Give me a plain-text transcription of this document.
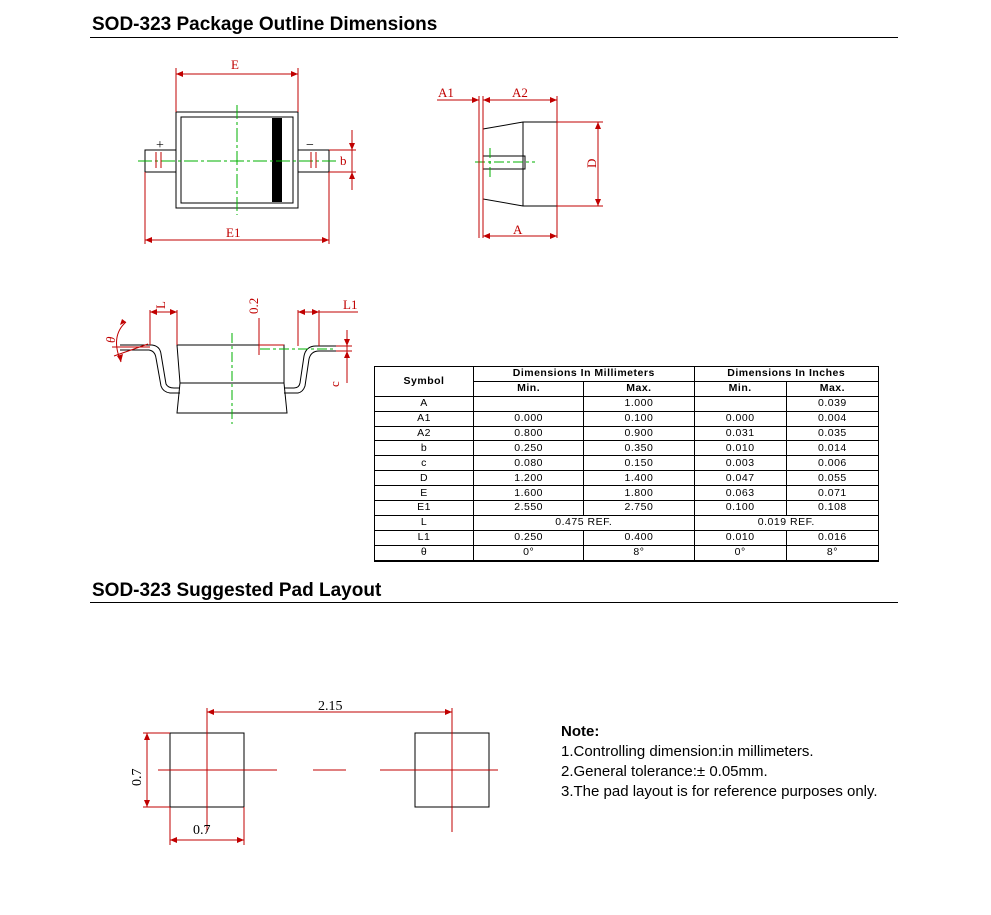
SOD-323 Package Outline Dimensions
E
E1
b
+	−
A1	A2
D
A
L	L1
0.2
c
θ
Symbol	Dimensions In Millimeters		Dimensions In Inches	
	Min.	Max.	Min.	Max.
A		1.000		0.039
A1	0.000	0.100	0.000	0.004
A2	0.800	0.900	0.031	0.035
b	0.250	0.350	0.010	0.014
c	0.080	0.150	0.003	0.006
D	1.200	1.400	0.047	0.055
E	1.600	1.800	0.063	0.071
E1	2.550	2.750	0.100	0.108
L	0.475 REF.		0.019 REF.	
L1	0.250	0.400	0.010	0.016
θ	0°	8°	0°	8°
SOD-323 Suggested Pad Layout
2.15
0.7
0.7
Note:
1.Controlling dimension:in millimeters.
2.General tolerance:± 0.05mm.
3.The pad layout is for reference purposes only.
